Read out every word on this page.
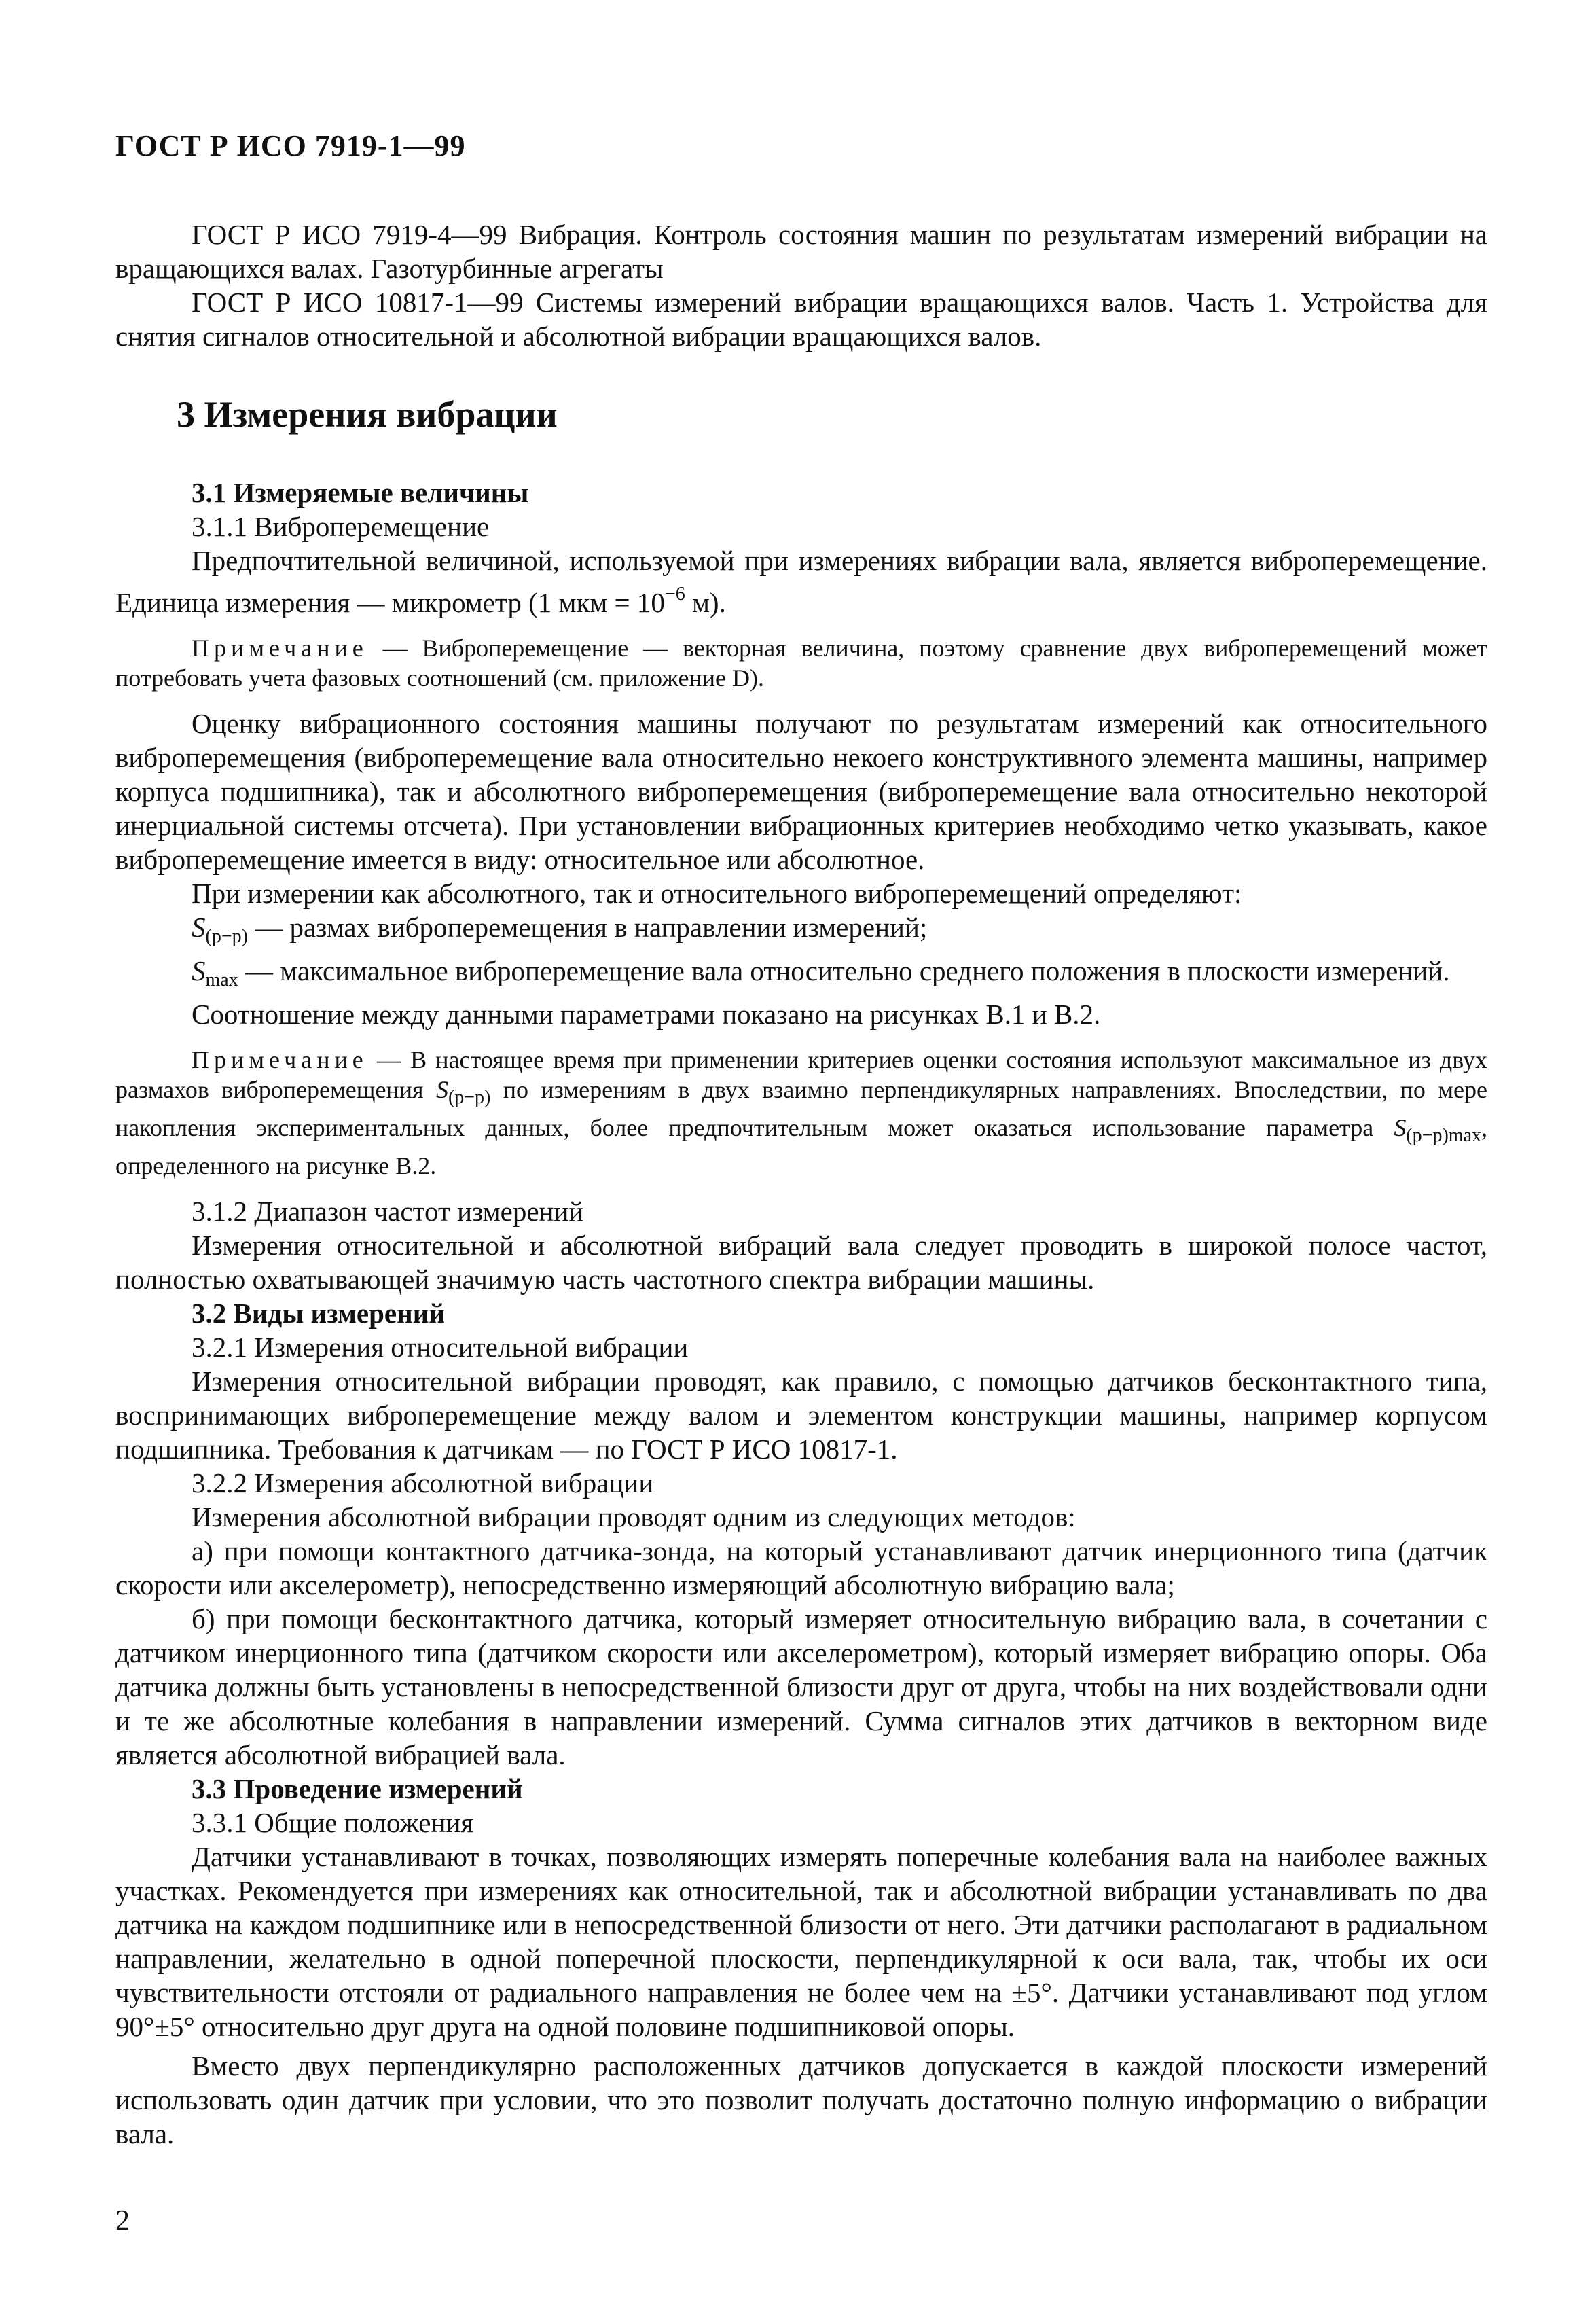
ГОСТ Р ИСО 7919-1—99

ГОСТ Р ИСО 7919-4—99 Вибрация. Контроль состояния машин по результатам измерений вибрации на вращающихся валах. Газотурбинные агрегаты

ГОСТ Р ИСО 10817-1—99 Системы измерений вибрации вращающихся валов. Часть 1. Устройства для снятия сигналов относительной и абсолютной вибрации вращающихся валов.

3 Измерения вибрации

3.1 Измеряемые величины

3.1.1 Виброперемещение

Предпочтительной величиной, используемой при измерениях вибрации вала, является виброперемещение. Единица измерения — микрометр (1 мкм = $10^{-6}$ м).

Примечание — Виброперемещение — векторная величина, поэтому сравнение двух виброперемещений может потребовать учета фазовых соотношений (см. приложение D).

Оценку вибрационного состояния машины получают по результатам измерений как относительного виброперемещения (виброперемещение вала относительно некоего конструктивного элемента машины, например корпуса подшипника), так и абсолютного виброперемещения (виброперемещение вала относительно некоторой инерциальной системы отсчета). При установлении вибрационных критериев необходимо четко указывать, какое виброперемещение имеется в виду: относительное или абсолютное.

При измерении как абсолютного, так и относительного виброперемещений определяют:

$S_{(p-p)}$ — размах виброперемещения в направлении измерений;

$S_{max}$ — максимальное виброперемещение вала относительно среднего положения в плоскости измерений.

Соотношение между данными параметрами показано на рисунках В.1 и В.2.

Примечание — В настоящее время при применении критериев оценки состояния используют максимальное из двух размахов виброперемещения $S_{(p-p)}$ по измерениям в двух взаимно перпендикулярных направлениях. Впоследствии, по мере накопления экспериментальных данных, более предпочтительным может оказаться использование параметра $S_{(p-p)max}$, определенного на рисунке В.2.

3.1.2 Диапазон частот измерений

Измерения относительной и абсолютной вибраций вала следует проводить в широкой полосе частот, полностью охватывающей значимую часть частотного спектра вибрации машины.

3.2 Виды измерений

3.2.1 Измерения относительной вибрации

Измерения относительной вибрации проводят, как правило, с помощью датчиков бесконтактного типа, воспринимающих виброперемещение между валом и элементом конструкции машины, например корпусом подшипника. Требования к датчикам — по ГОСТ Р ИСО 10817-1.

3.2.2 Измерения абсолютной вибрации

Измерения абсолютной вибрации проводят одним из следующих методов:

а) при помощи контактного датчика-зонда, на который устанавливают датчик инерционного типа (датчик скорости или акселерометр), непосредственно измеряющий абсолютную вибрацию вала;

б) при помощи бесконтактного датчика, который измеряет относительную вибрацию вала, в сочетании с датчиком инерционного типа (датчиком скорости или акселерометром), который измеряет вибрацию опоры. Оба датчика должны быть установлены в непосредственной близости друг от друга, чтобы на них воздействовали одни и те же абсолютные колебания в направлении измерений. Сумма сигналов этих датчиков в векторном виде является абсолютной вибрацией вала.

3.3 Проведение измерений

3.3.1 Общие положения

Датчики устанавливают в точках, позволяющих измерять поперечные колебания вала на наиболее важных участках. Рекомендуется при измерениях как относительной, так и абсолютной вибрации устанавливать по два датчика на каждом подшипнике или в непосредственной близости от него. Эти датчики располагают в радиальном направлении, желательно в одной поперечной плоскости, перпендикулярной к оси вала, так, чтобы их оси чувствительности отстояли от радиального направления не более чем на ±5°. Датчики устанавливают под углом 90°±5° относительно друг друга на одной половине подшипниковой опоры.

Вместо двух перпендикулярно расположенных датчиков допускается в каждой плоскости измерений использовать один датчик при условии, что это позволит получать достаточно полную информацию о вибрации вала.

2
